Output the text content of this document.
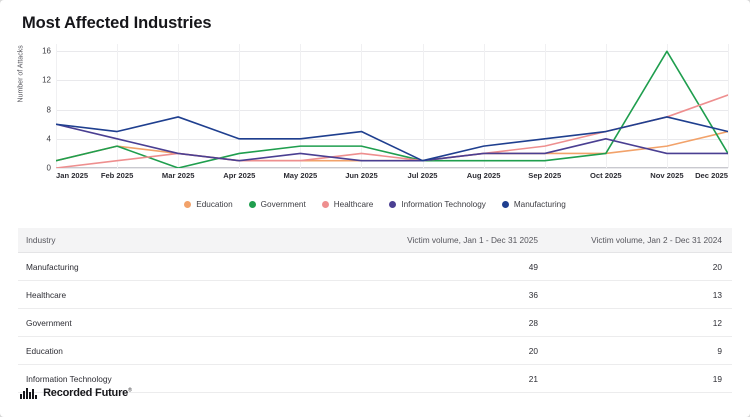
Most Affected Industries
Number of Attacks
0
4
8
12
16
Jan 2025 Feb 2025	Mar 2025	Apr 2025	May 2025	Jun 2025	Jul 2025	Aug 2025	Sep 2025	Oct 2025	Nov 2025 Dec 2025
Education	Government	Healthcare	Information Technology	Manufacturing
Industry	Victim volume, Jan 1 - Dec 31 2025	Victim volume, Jan 2 - Dec 31 2024
Manufacturing	49	20
Healthcare	36	13
Government	28	12
Education	20	9
Information Technology	21	19
Recorded Future®
